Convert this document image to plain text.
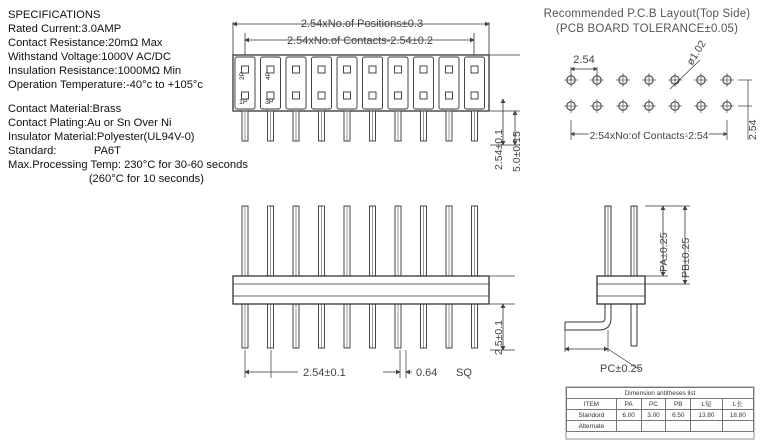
SPECIFICATIONS
Rated Current:3.0AMP
Contact Resistance:20mΩ Max
Withstand Voltage:1000V AC/DC
Insulation Resistance:1000MΩ Min
Operation Temperature:-40°c to +105°c
Contact Material:Brass
Contact Plating:Au or Sn Over Ni
Insulator Material:Polyester(UL94V-0)
Standard:            PA6T
Max.Processing Temp: 230°C for 30-60 seconds
(260°C for 10 seconds)
2.54xNo.of Positions±0.3
2.54xNo.of Contacts-2.54±0.2
2.54±0.1 5.0±0.15
2P	4P
1P 3P
2.54±0.1	0.64 SQ
2.5±0.1
PA±0.25 PB±0.25
PC±0.25
2.54	ø1.02
2.54
2.54xNo.of Contacts-2.54
Recommended P.C.B Layout(Top Side)
(PCB BOARD TOLERANCE±0.05)
Dimension antitheses list					
ITEM	PA	PC	PB	L短	L长
Standord	6.00	3.00	6.50	13.80	18.80
Alternate					
